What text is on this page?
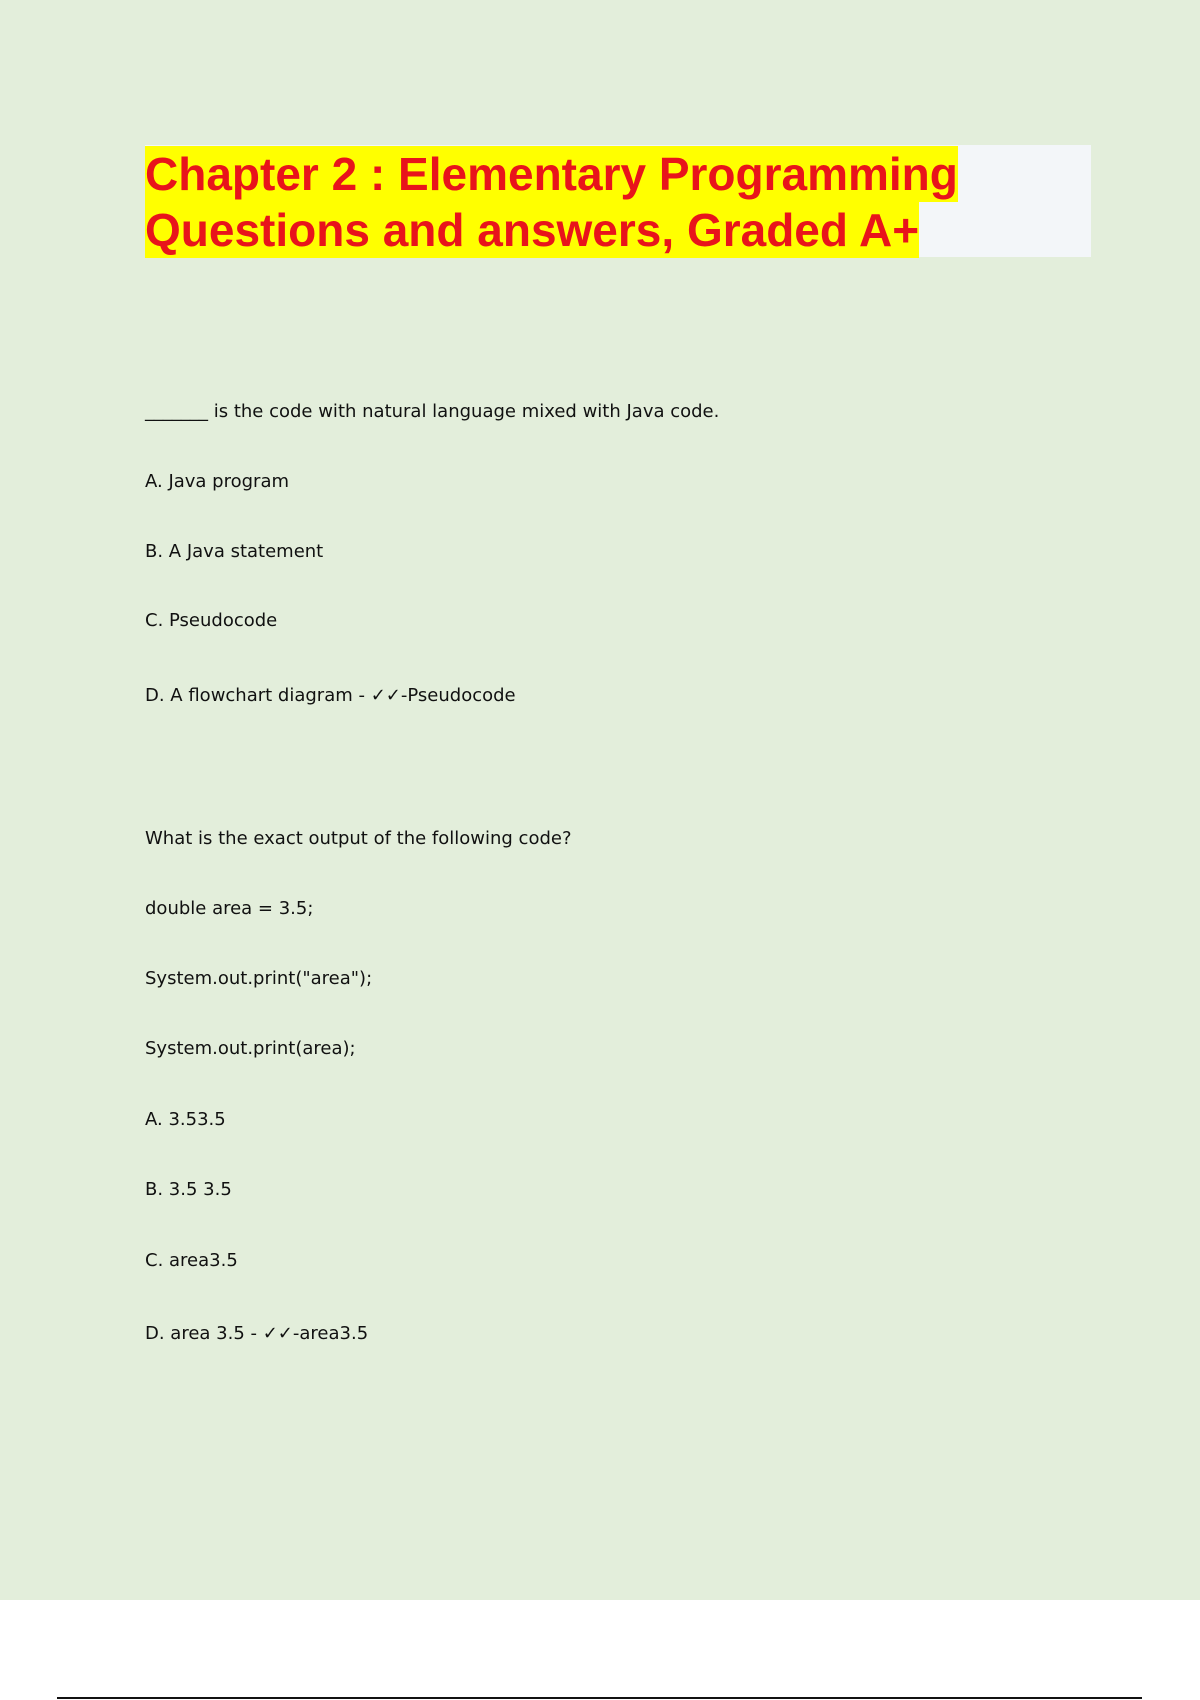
Chapter 2 : Elementary Programming
Questions and answers, Graded A+

_______ is the code with natural language mixed with Java code.

A. Java program

B. A Java statement

C. Pseudocode

D. A flowchart diagram - ✓✓-Pseudocode

What is the exact output of the following code?

double area = 3.5;

System.out.print("area");

System.out.print(area);

A. 3.53.5

B. 3.5 3.5

C. area3.5

D. area 3.5 - ✓✓-area3.5
